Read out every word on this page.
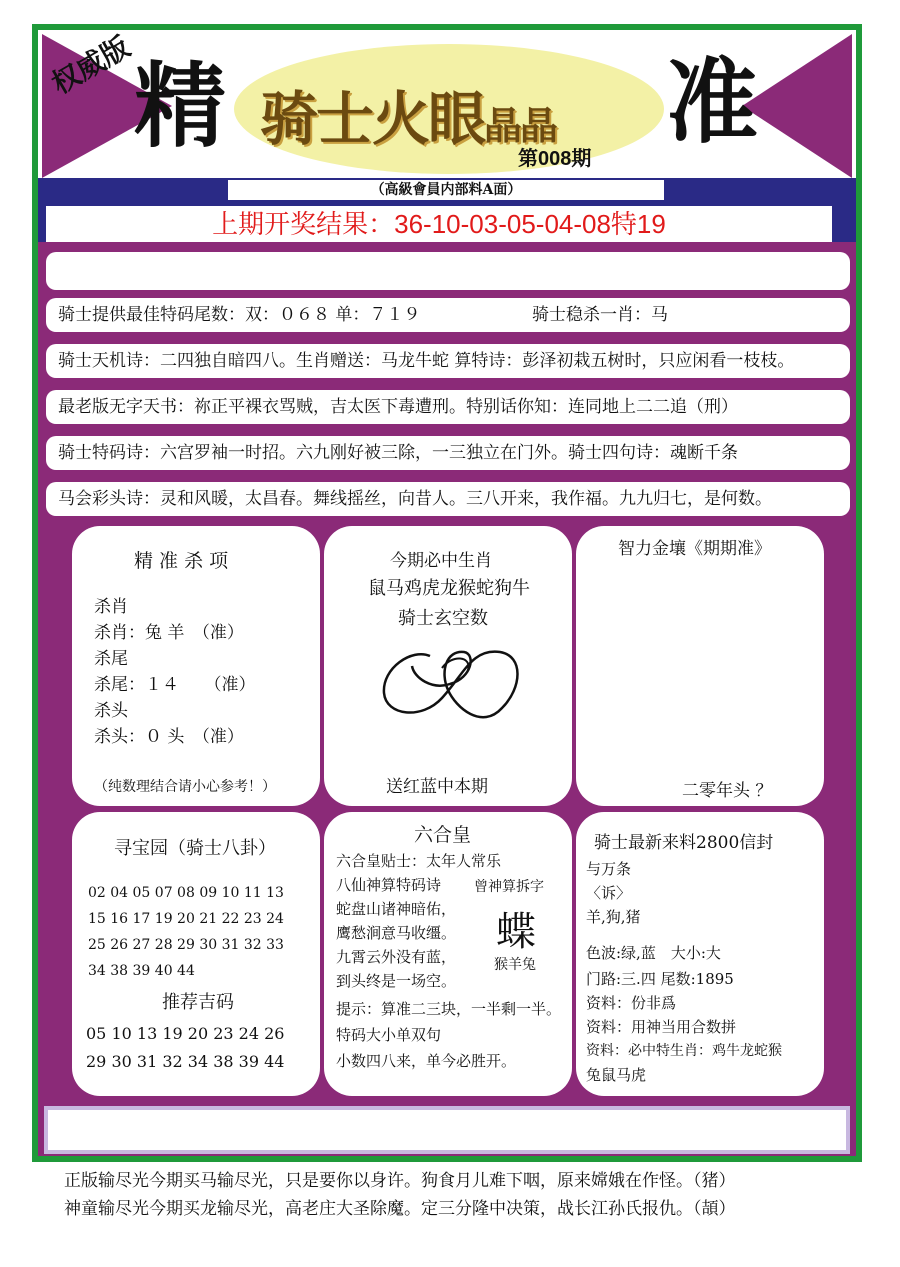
权威版
精 骑士火眼晶晶 准
第008期
（高級會員内部料A面）
上期开奖结果：36-10-03-05-04-08特19
骑士提供最佳特码尾数：双：０６８ 单：７１９	骑士稳杀一肖：马
骑士天机诗：二四独自暗四八。生肖赠送：马龙牛蛇 算特诗：彭泽初栽五树时，只应闲看一枝枝。
最老版无字天书：祢正平裸衣骂贼，吉太医下毒遭刑。特别话你知：连同地上二二追（刑）
骑士特码诗：六宫罗袖一时招。六九刚好被三除，一三独立在门外。骑士四句诗：魂断千条
马会彩头诗：灵和风暖，太昌春。舞线摇丝，向昔人。三八开来，我作福。九九归七，是何数。
精 准 杀 项
杀肖
杀肖：兔 羊　（准）
杀尾
杀尾：１４　　（准）
杀头
杀头：０ 头　（准）
（纯数理结合请小心参考！）
今期必中生肖
鼠马鸡虎龙猴蛇狗牛
骑士玄空数
送红蓝中本期
智力金壤《期期准》
二零年头 ？
寻宝园（骑士八卦）
02 04 05 07 08 09 10 11 13
15 16 17 19 20 21 22 23 24
25 26 27 28 29 30 31 32 33
34 38 39 40 44
推荐吉码
05 10 13 19 20 23 24 26
29 30 31 32 34 38 39 44
六合皇
六合皇贴士：太年人常乐
八仙神算特码诗
蛇盘山诸神暗佑，
鹰愁涧意马收缰。
九霄云外没有蓝，
到头终是一场空。
提示：算准二三块，一半剩一半。
特码大小单双句
小数四八来，单今必胜开。
曾神算拆字
蝶
猴羊兔
骑士最新来料2800信封
与万条
〈诉〉
羊,狗,猪
色波:绿,蓝　大小:大
门路:三.四 尾数:1895
资料：份非爲
资料：用神当用合数拼
资料：必中特生肖：鸡牛龙蛇猴
兔鼠马虎
正版输尽光今期买马输尽光，只是要你以身许。狗食月儿难下咽，原来嫦娥在作怪。（猪）
神童输尽光今期买龙输尽光，高老庄大圣除魔。定三分隆中决策，战长江孙氏报仇。（頡）
